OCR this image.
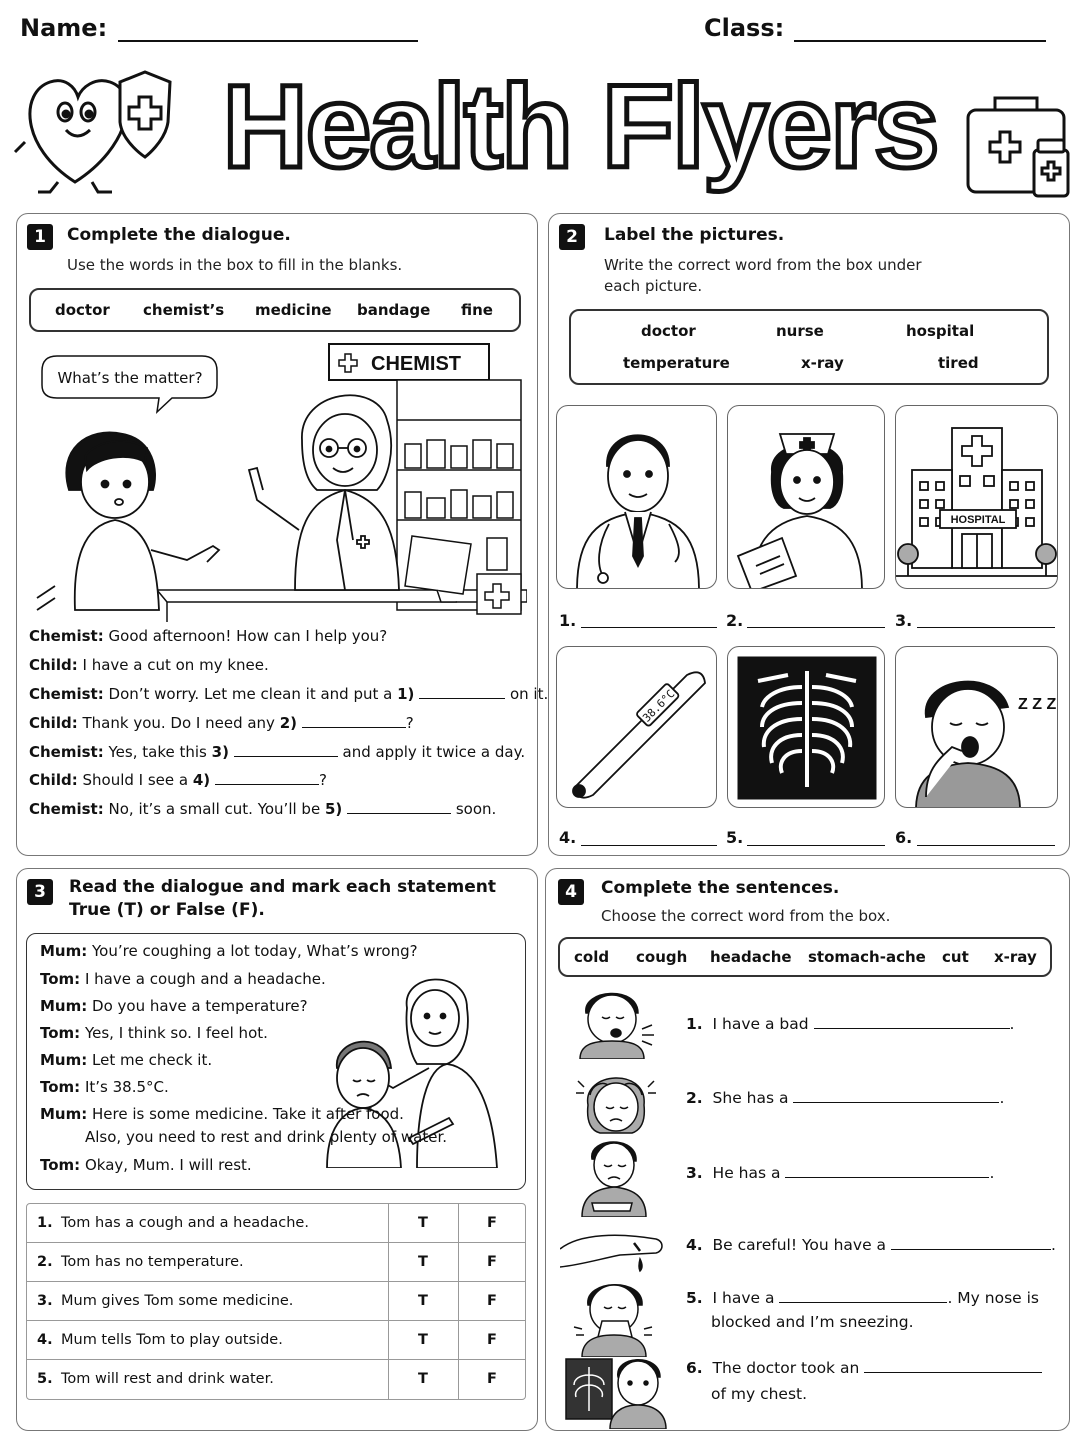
Name:	Class:
Health Flyers
1	Complete the dialogue.
Use the words in the box to fill in the blanks.
doctor chemist’s medicine bandage fine
What’s the matter?
CHEMIST
Chemist: Good afternoon! How can I help you?
Child: I have a cut on my knee.
Chemist: Don’t worry. Let me clean it and put a 1)	on it.
Child: Thank you. Do I need any 2)	?
Chemist: Yes, take this 3)	and apply it twice a day.
Child: Should I see a 4)	?
Chemist: No, it’s a small cut. You’ll be 5)	soon.
2	Label the pictures.
Write the correct word from the box under
each picture.
doctor	nurse	hospital
temperature	x-ray	tired
HOSPITAL
1.	2.	3.
38.6°C	Z Z Z
4.	5.	6.
3	Read the dialogue and mark each statement
True (T) or False (F).
Mum: You’re coughing a lot today, What’s wrong?
Tom: I have a cough and a headache.
Mum: Do you have a temperature?
Tom: Yes, I think so. I feel hot.
Mum: Let me check it.
Tom: It’s 38.5°C.
Mum: Here is some medicine. Take it after food.
Also, you need to rest and drink plenty of water.
Tom: Okay, Mum. I will rest.
1. Tom has a cough and a headache.	T	F
2. Tom has no temperature.	T	F
3. Mum gives Tom some medicine.	T	F
4. Mum tells Tom to play outside.	T	F
5. Tom will rest and drink water.	T	F
4	Complete the sentences.
Choose the correct word from the box.
cold cough headache stomach-ache cut x-ray
1. I have a bad	.
2. She has a	.
3. He has a	.
4. Be careful! You have a	.
5. I have a	. My nose is
blocked and I’m sneezing.
6. The doctor took an
of my chest.
